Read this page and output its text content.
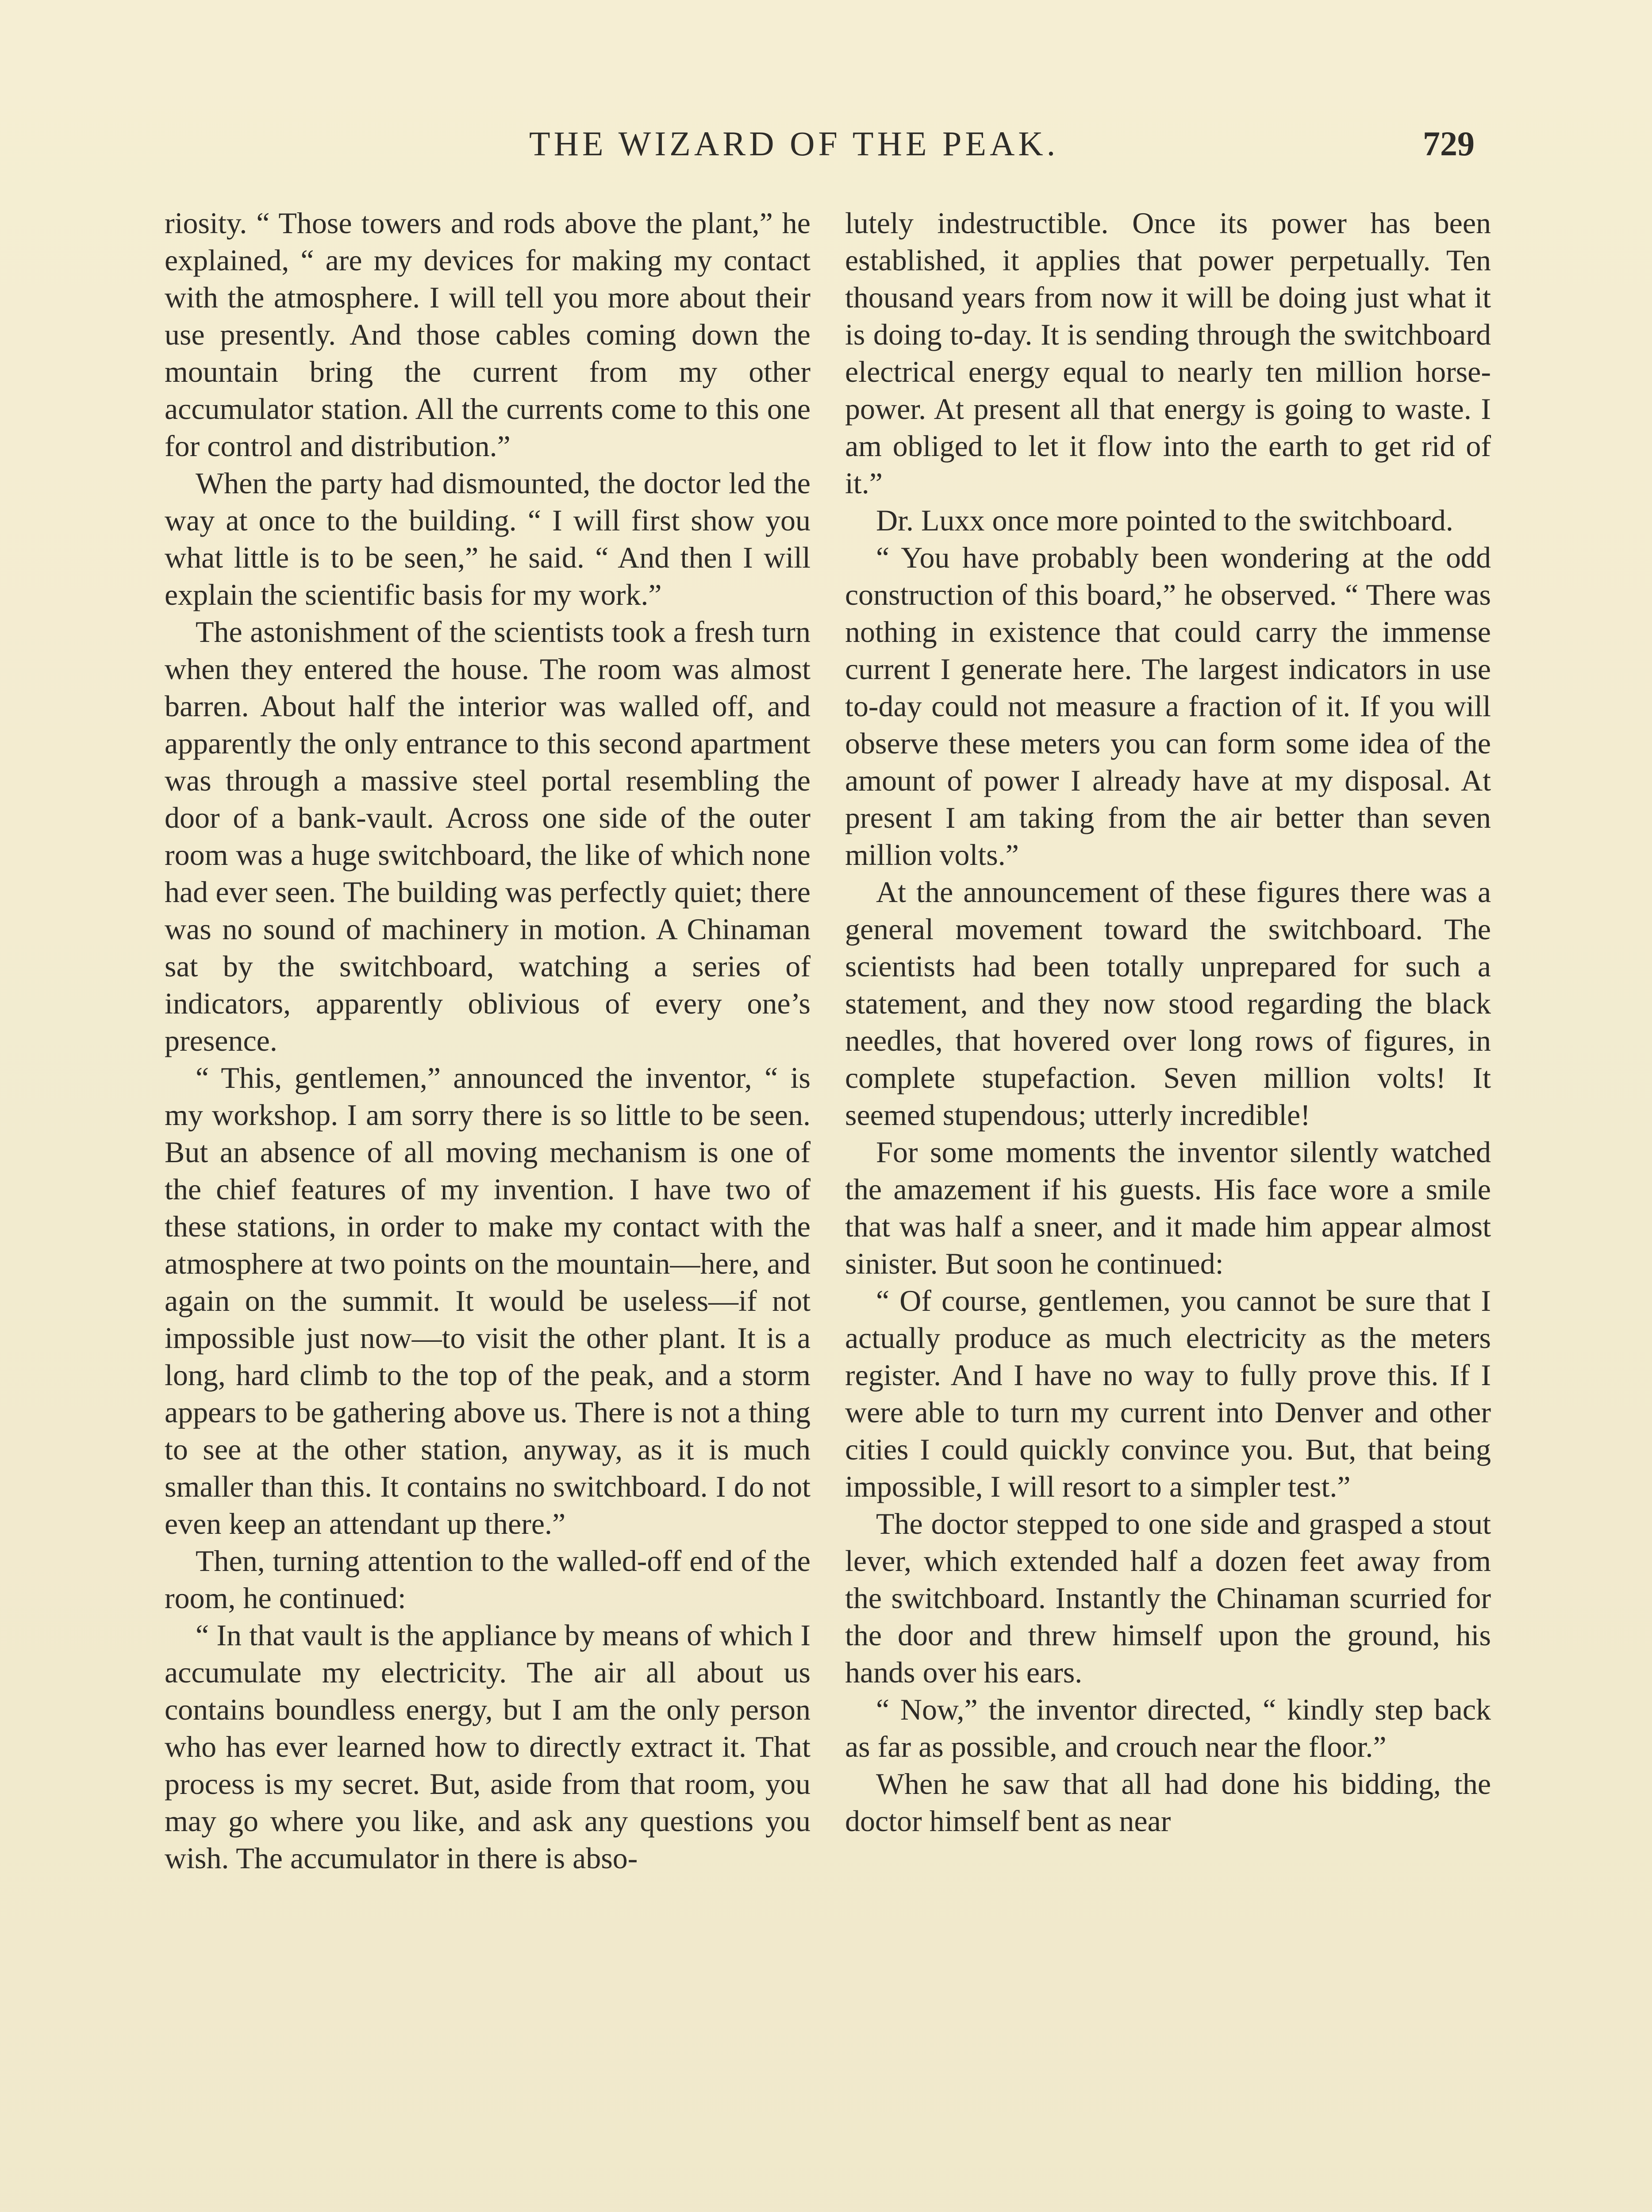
THE WIZARD OF THE PEAK.	729

riosity. “ Those towers and rods above the plant,” he explained, “ are my devices for making my contact with the atmosphere. I will tell you more about their use presently. And those cables coming down the mountain bring the current from my other accumulator station. All the currents come to this one for control and distribution.”

When the party had dismounted, the doctor led the way at once to the building. “ I will first show you what little is to be seen,” he said. “ And then I will explain the scientific basis for my work.”

The astonishment of the scientists took a fresh turn when they entered the house. The room was almost barren. About half the interior was walled off, and apparently the only entrance to this second apartment was through a massive steel portal resembling the door of a bank-vault. Across one side of the outer room was a huge switchboard, the like of which none had ever seen. The building was perfectly quiet; there was no sound of machinery in motion. A Chinaman sat by the switchboard, watching a series of indicators, apparently oblivious of every one’s presence.

“ This, gentlemen,” announced the inventor, “ is my workshop. I am sorry there is so little to be seen. But an absence of all moving mechanism is one of the chief features of my invention. I have two of these stations, in order to make my contact with the atmosphere at two points on the mountain—here, and again on the summit. It would be useless—if not impossible just now—to visit the other plant. It is a long, hard climb to the top of the peak, and a storm appears to be gathering above us. There is not a thing to see at the other station, anyway, as it is much smaller than this. It contains no switchboard. I do not even keep an attendant up there.”

Then, turning attention to the walled-off end of the room, he continued:

“ In that vault is the appliance by means of which I accumulate my electricity. The air all about us contains boundless energy, but I am the only person who has ever learned how to directly extract it. That process is my secret. But, aside from that room, you may go where you like, and ask any questions you wish. The accumulator in there is abso-

lutely indestructible. Once its power has been established, it applies that power perpetually. Ten thousand years from now it will be doing just what it is doing to-day. It is sending through the switchboard electrical energy equal to nearly ten million horse-power. At present all that energy is going to waste. I am obliged to let it flow into the earth to get rid of it.”

Dr. Luxx once more pointed to the switchboard.

“ You have probably been wondering at the odd construction of this board,” he observed. “ There was nothing in existence that could carry the immense current I generate here. The largest indicators in use to-day could not measure a fraction of it. If you will observe these meters you can form some idea of the amount of power I already have at my disposal. At present I am taking from the air better than seven million volts.”

At the announcement of these figures there was a general movement toward the switchboard. The scientists had been totally unprepared for such a statement, and they now stood regarding the black needles, that hovered over long rows of figures, in complete stupefaction. Seven million volts! It seemed stupendous; utterly incredible!

For some moments the inventor silently watched the amazement if his guests. His face wore a smile that was half a sneer, and it made him appear almost sinister. But soon he continued:

“ Of course, gentlemen, you cannot be sure that I actually produce as much electricity as the meters register. And I have no way to fully prove this. If I were able to turn my current into Denver and other cities I could quickly convince you. But, that being impossible, I will resort to a simpler test.”

The doctor stepped to one side and grasped a stout lever, which extended half a dozen feet away from the switchboard. Instantly the Chinaman scurried for the door and threw himself upon the ground, his hands over his ears.

“ Now,” the inventor directed, “ kindly step back as far as possible, and crouch near the floor.”

When he saw that all had done his bidding, the doctor himself bent as near
